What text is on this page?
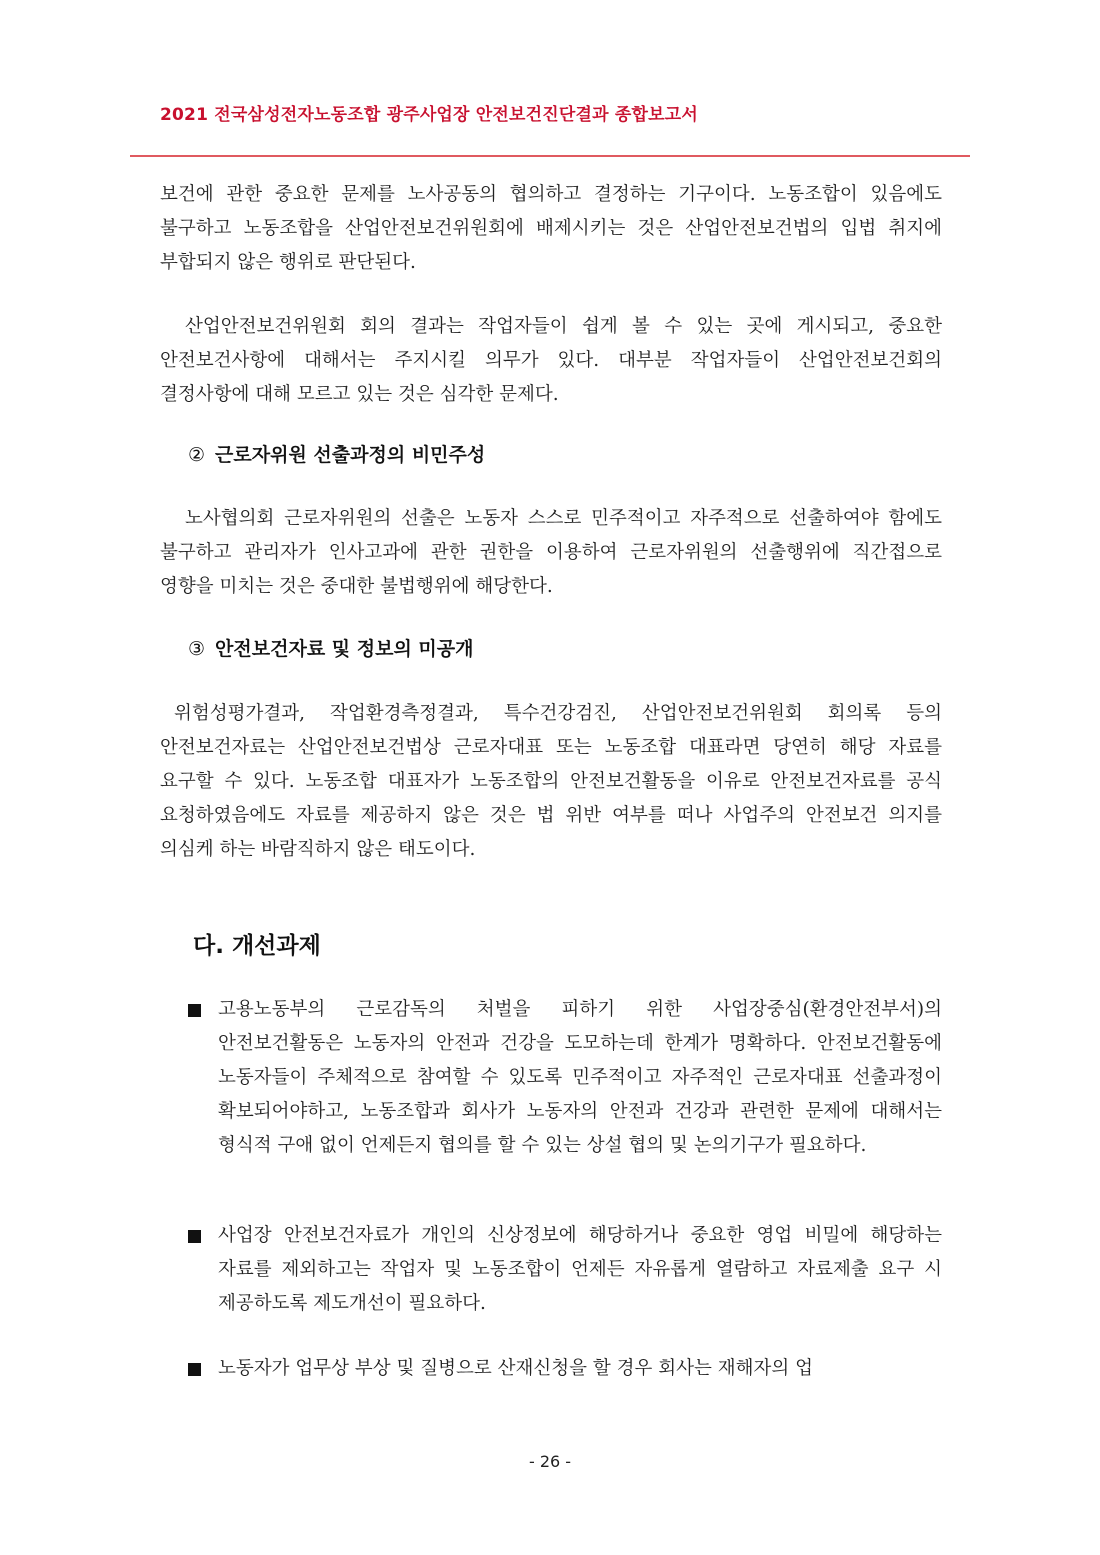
2021 전국삼성전자노동조합 광주사업장 안전보건진단결과 종합보고서

보건에 관한 중요한 문제를 노사공동의 협의하고 결정하는 기구이다. 노동조합이 있음에도 불구하고 노동조합을 산업안전보건위원회에 배제시키는 것은 산업안전보건법의 입법 취지에 부합되지 않은 행위로 판단된다.

산업안전보건위원회 회의 결과는 작업자들이 쉽게 볼 수 있는 곳에 게시되고, 중요한 안전보건사항에 대해서는 주지시킬 의무가 있다. 대부분 작업자들이 산업안전보건회의 결정사항에 대해 모르고 있는 것은 심각한 문제다.

② 근로자위원 선출과정의 비민주성

노사협의회 근로자위원의 선출은 노동자 스스로 민주적이고 자주적으로 선출하여야 함에도 불구하고 관리자가 인사고과에 관한 권한을 이용하여 근로자위원의 선출행위에 직간접으로 영향을 미치는 것은 중대한 불법행위에 해당한다.

③ 안전보건자료 및 정보의 미공개

위험성평가결과, 작업환경측정결과, 특수건강검진, 산업안전보건위원회 회의록 등의 안전보건자료는 산업안전보건법상 근로자대표 또는 노동조합 대표라면 당연히 해당 자료를 요구할 수 있다. 노동조합 대표자가 노동조합의 안전보건활동을 이유로 안전보건자료를 공식 요청하였음에도 자료를 제공하지 않은 것은 법 위반 여부를 떠나 사업주의 안전보건 의지를 의심케 하는 바람직하지 않은 태도이다.

다. 개선과제
고용노동부의 근로감독의 처벌을 피하기 위한 사업장중심(환경안전부서)의 안전보건활동은 노동자의 안전과 건강을 도모하는데 한계가 명확하다. 안전보건활동에 노동자들이 주체적으로 참여할 수 있도록 민주적이고 자주적인 근로자대표 선출과정이 확보되어야하고, 노동조합과 회사가 노동자의 안전과 건강과 관련한 문제에 대해서는 형식적 구애 없이 언제든지 협의를 할 수 있는 상설 협의 및 논의기구가 필요하다.
사업장 안전보건자료가 개인의 신상정보에 해당하거나 중요한 영업 비밀에 해당하는 자료를 제외하고는 작업자 및 노동조합이 언제든 자유롭게 열람하고 자료제출 요구 시 제공하도록 제도개선이 필요하다.
노동자가 업무상 부상 및 질병으로 산재신청을 할 경우 회사는 재해자의 업
- 26 -
